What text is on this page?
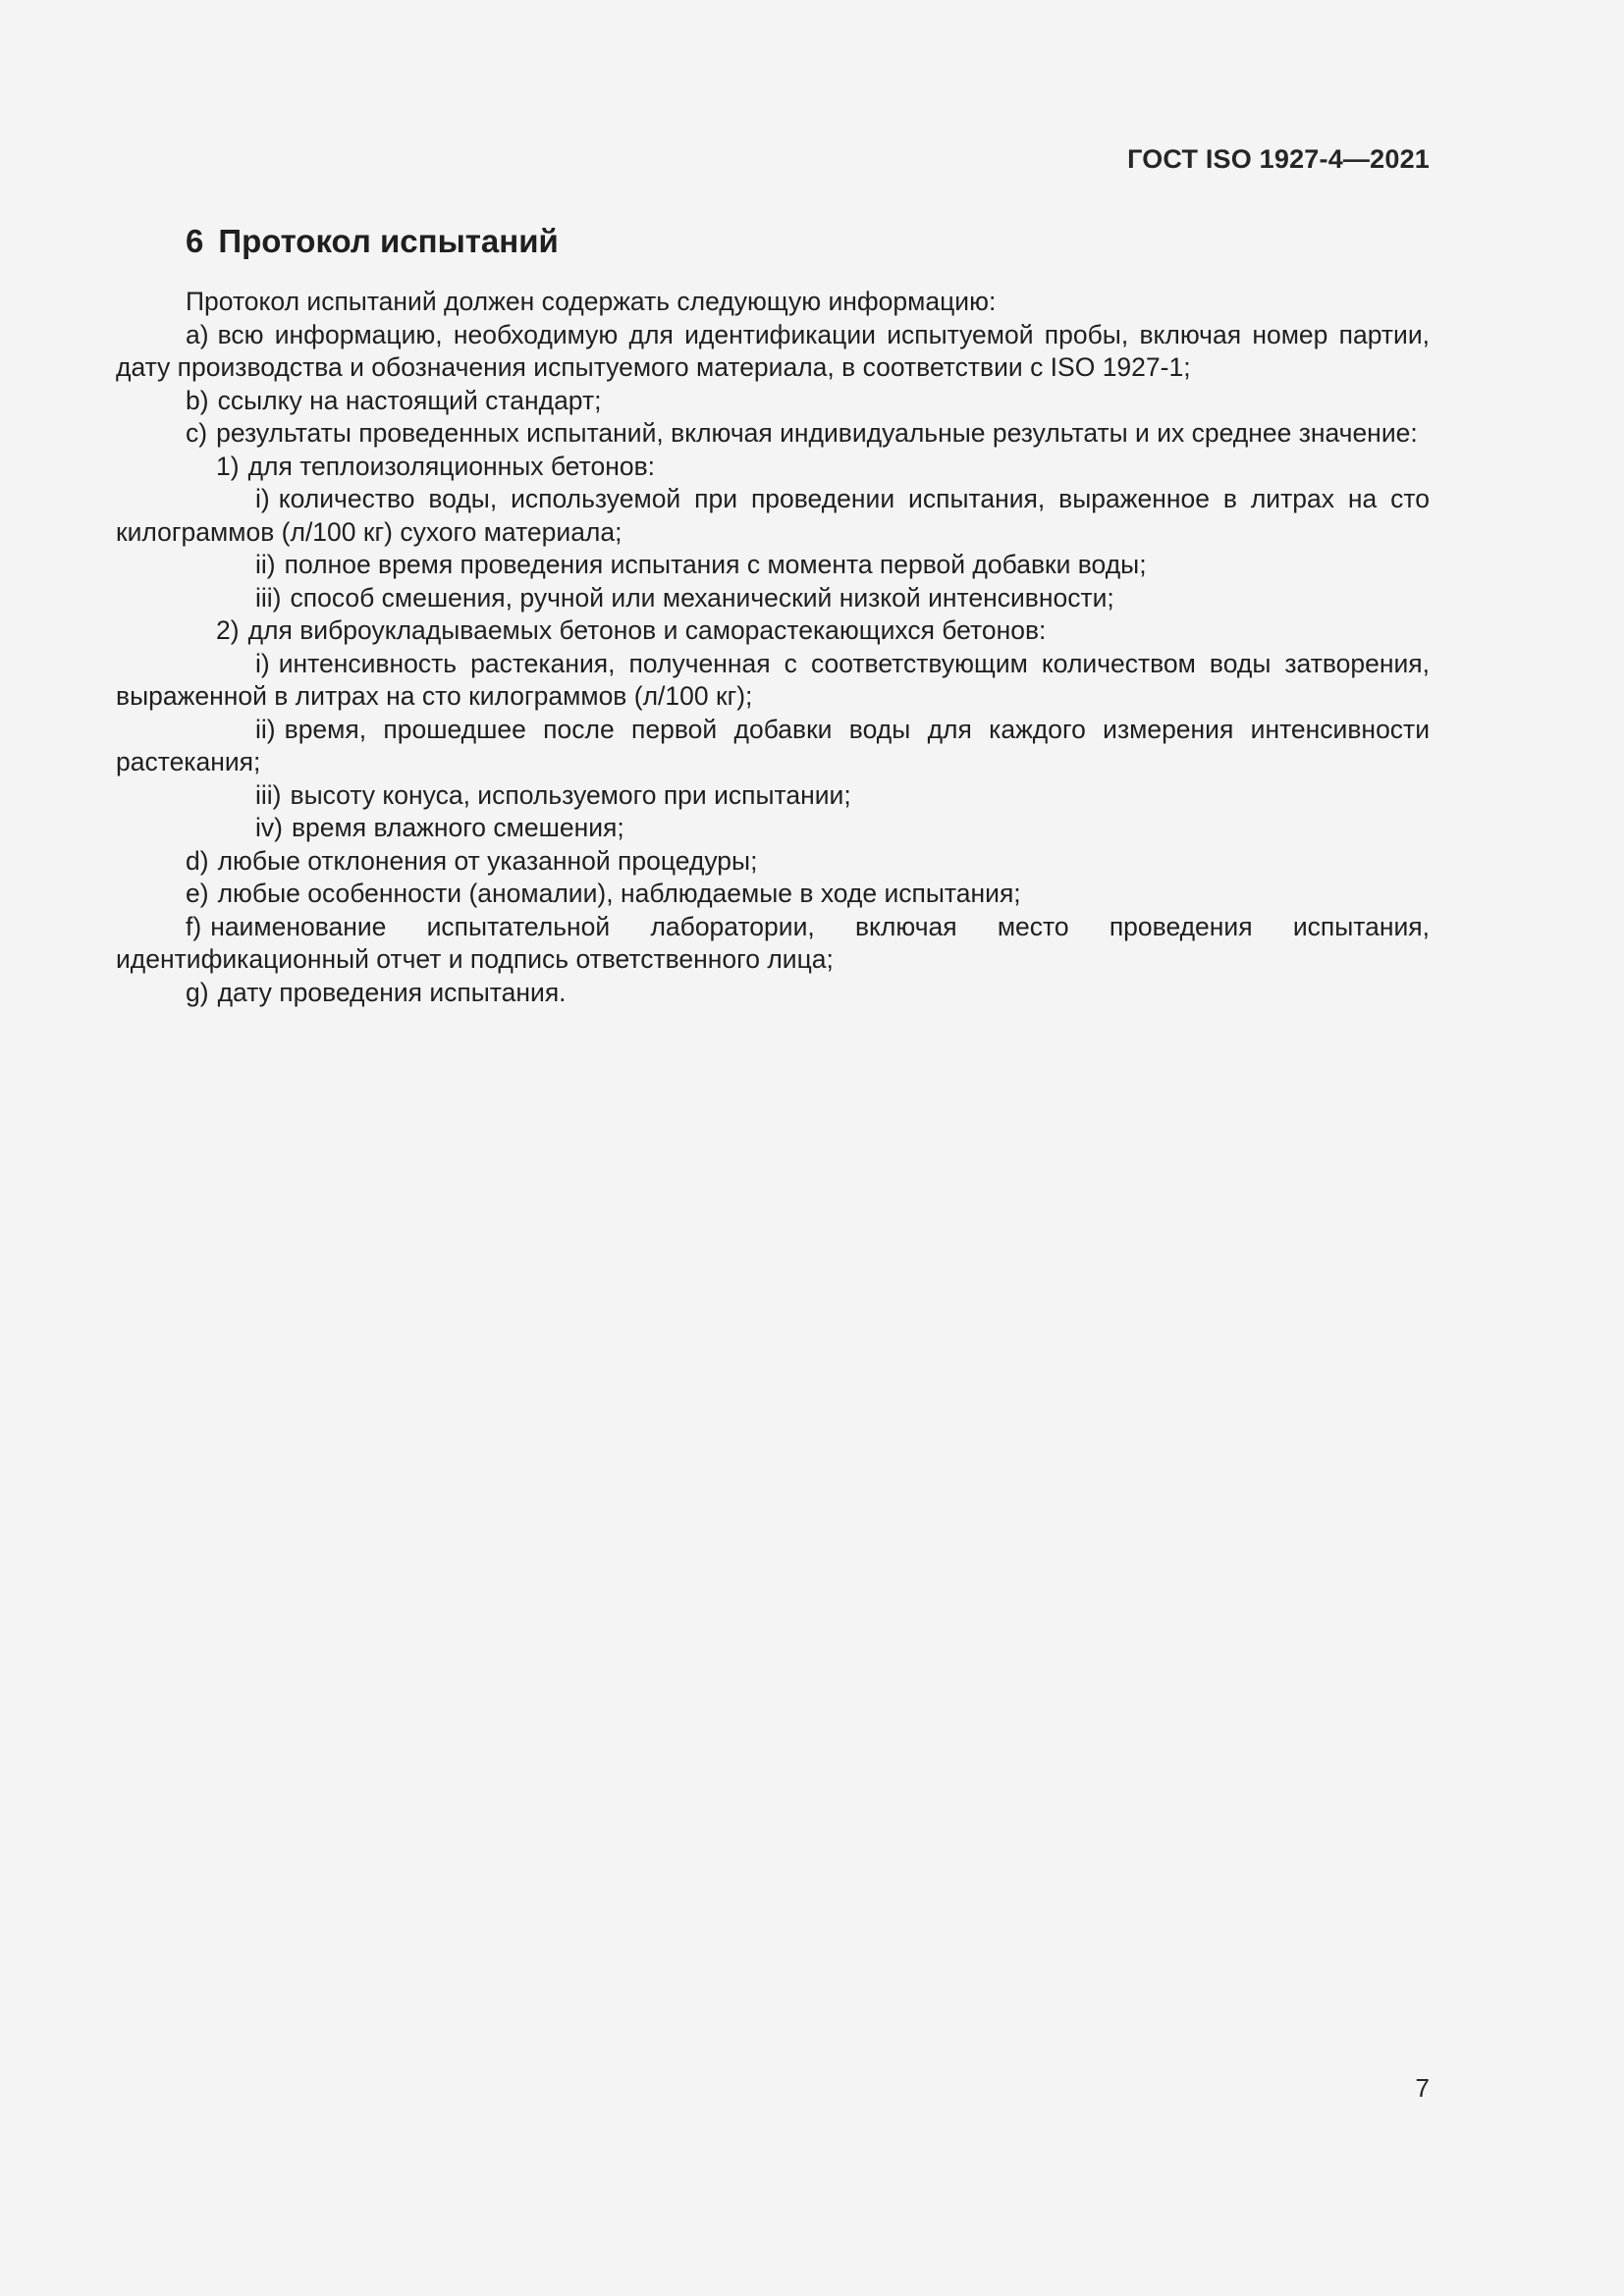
ГОСТ ISO 1927-4—2021
6 Протокол испытаний

Протокол испытаний должен содержать следующую информацию:

a) всю информацию, необходимую для идентификации испытуемой пробы, включая номер партии, дату производства и обозначения испытуемого материала, в соответствии с ISO 1927-1;

b) ссылку на настоящий стандарт;

c) результаты проведенных испытаний, включая индивидуальные результаты и их среднее значение:

1) для теплоизоляционных бетонов:

i) количество воды, используемой при проведении испытания, выраженное в литрах на сто килограммов (л/100 кг) сухого материала;

ii) полное время проведения испытания с момента первой добавки воды;

iii) способ смешения, ручной или механический низкой интенсивности;

2) для виброукладываемых бетонов и саморастекающихся бетонов:

i) интенсивность растекания, полученная с соответствующим количеством воды затворения, выраженной в литрах на сто килограммов (л/100 кг);

ii) время, прошедшее после первой добавки воды для каждого измерения интенсивности растекания;

iii) высоту конуса, используемого при испытании;

iv) время влажного смешения;

d) любые отклонения от указанной процедуры;

e) любые особенности (аномалии), наблюдаемые в ходе испытания;

f) наименование испытательной лаборатории, включая место проведения испытания, идентификационный отчет и подпись ответственного лица;

g) дату проведения испытания.

7
